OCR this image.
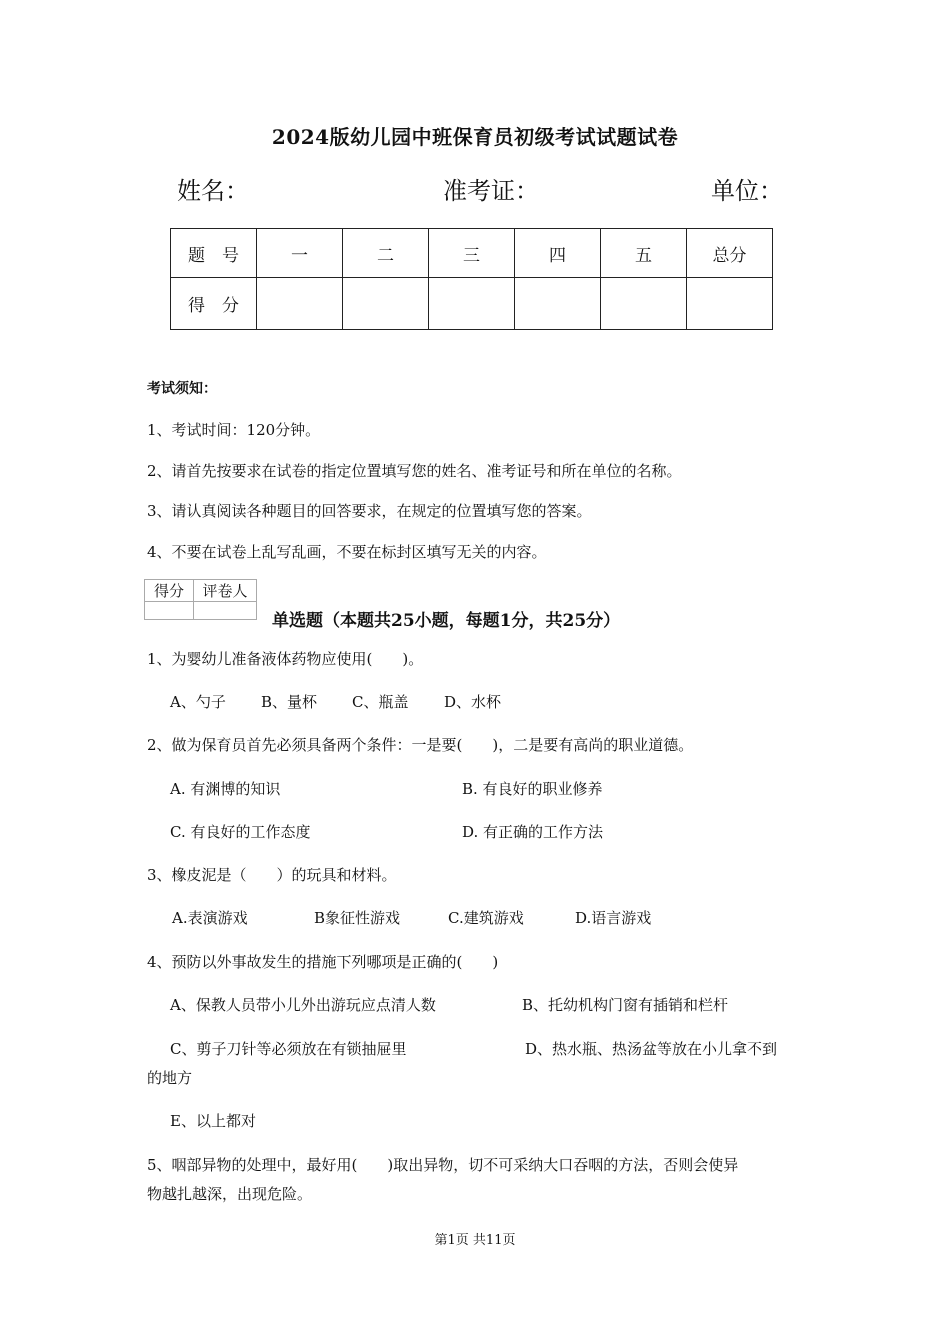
2024版幼儿园中班保育员初级考试试题试卷
姓名：	准考证：	单位：
题　号	一	二	三	四	五	总分
得　分						
考试须知：
1、考试时间：120分钟。
2、请首先按要求在试卷的指定位置填写您的姓名、准考证号和所在单位的名称。
3、请认真阅读各种题目的回答要求，在规定的位置填写您的答案。
4、不要在试卷上乱写乱画，不要在标封区填写无关的内容。
得分	评卷人

单选题（本题共25小题，每题1分，共25分）
1、为婴幼儿准备液体药物应使用(　　)。
A、勺子 B、量杯 C、瓶盖 D、水杯
2、做为保育员首先必须具备两个条件：一是要(　　)，二是要有高尚的职业道德。
A. 有渊博的知识	B. 有良好的职业修养
C. 有良好的工作态度	D. 有正确的工作方法
3、橡皮泥是（　　）的玩具和材料。
A.表演游戏	B象征性游戏	C.建筑游戏	D.语言游戏
4、预防以外事故发生的措施下列哪项是正确的(　　)
A、保教人员带小儿外出游玩应点清人数	B、托幼机构门窗有插销和栏杆
C、剪子刀针等必须放在有锁抽屉里	D、热水瓶、热汤盆等放在小儿拿不到
的地方
E、以上都对
5、咽部异物的处理中，最好用(　　)取出异物，切不可采纳大口吞咽的方法，否则会使异
物越扎越深，出现危险。
第1页 共11页
